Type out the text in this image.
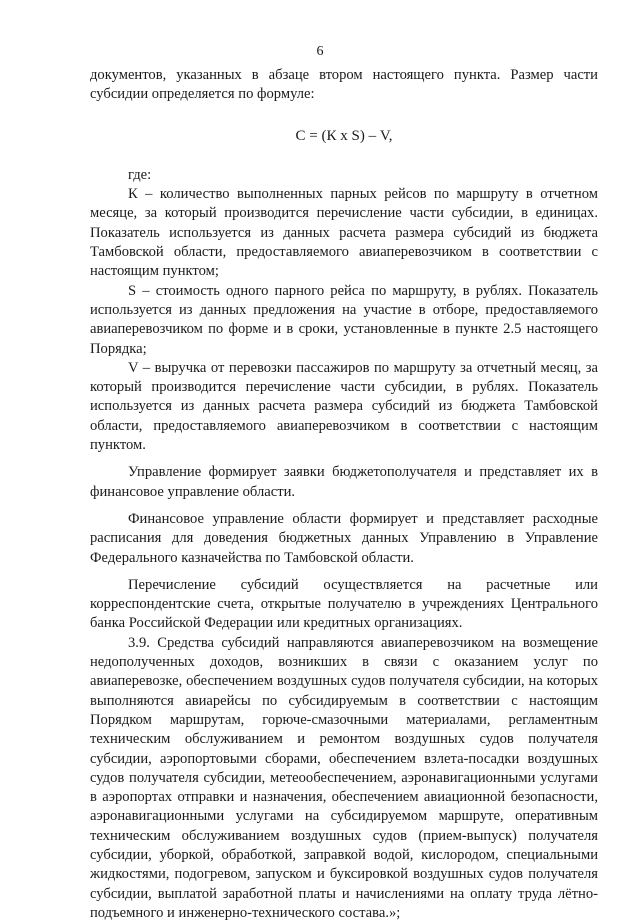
6

документов, указанных в абзаце втором настоящего пункта. Размер части субсидии определяется по формуле:

С = (К х S) – V,

где:

К – количество выполненных парных рейсов по маршруту в отчетном месяце, за который производится перечисление части субсидии, в единицах. Показатель используется из данных расчета размера субсидий из бюджета Тамбовской области, предоставляемого авиаперевозчиком в соответствии с настоящим пунктом;

S – стоимость одного парного рейса по маршруту, в рублях. Показатель используется из данных предложения на участие в отборе, предоставляемого авиаперевозчиком по форме и в сроки, установленные в пункте 2.5 настоящего Порядка;

V – выручка от перевозки пассажиров по маршруту за отчетный месяц, за который производится перечисление части субсидии, в рублях. Показатель используется из данных расчета размера субсидий из бюджета Тамбовской области, предоставляемого авиаперевозчиком в соответствии с настоящим пунктом.

Управление формирует заявки бюджетополучателя и представляет их в финансовое управление области.

Финансовое управление области формирует и представляет расходные расписания для доведения бюджетных данных Управлению в Управление Федерального казначейства по Тамбовской области.

Перечисление субсидий осуществляется на расчетные или корреспондентские счета, открытые получателю в учреждениях Центрального банка Российской Федерации или кредитных организациях.

3.9. Средства субсидий направляются авиаперевозчиком на возмещение недополученных доходов, возникших в связи с оказанием услуг по авиаперевозке, обеспечением воздушных судов получателя субсидии, на которых выполняются авиарейсы по субсидируемым в соответствии с настоящим Порядком маршрутам, горюче-смазочными материалами, регламентным техническим обслуживанием и ремонтом воздушных судов получателя субсидии, аэропортовыми сборами, обеспечением взлета-посадки воздушных судов получателя субсидии, метеообеспечением, аэронавигационными услугами в аэропортах отправки и назначения, обеспечением авиационной безопасности, аэронавигационными услугами на субсидируемом маршруте, оперативным техническим обслуживанием воздушных судов (прием-выпуск) получателя субсидии, уборкой, обработкой, заправкой водой, кислородом, специальными жидкостями, подогревом, запуском и буксировкой воздушных судов получателя субсидии, выплатой заработной платы и начислениями на оплату труда лётно-подъемного и инженерно-технического состава.»;
